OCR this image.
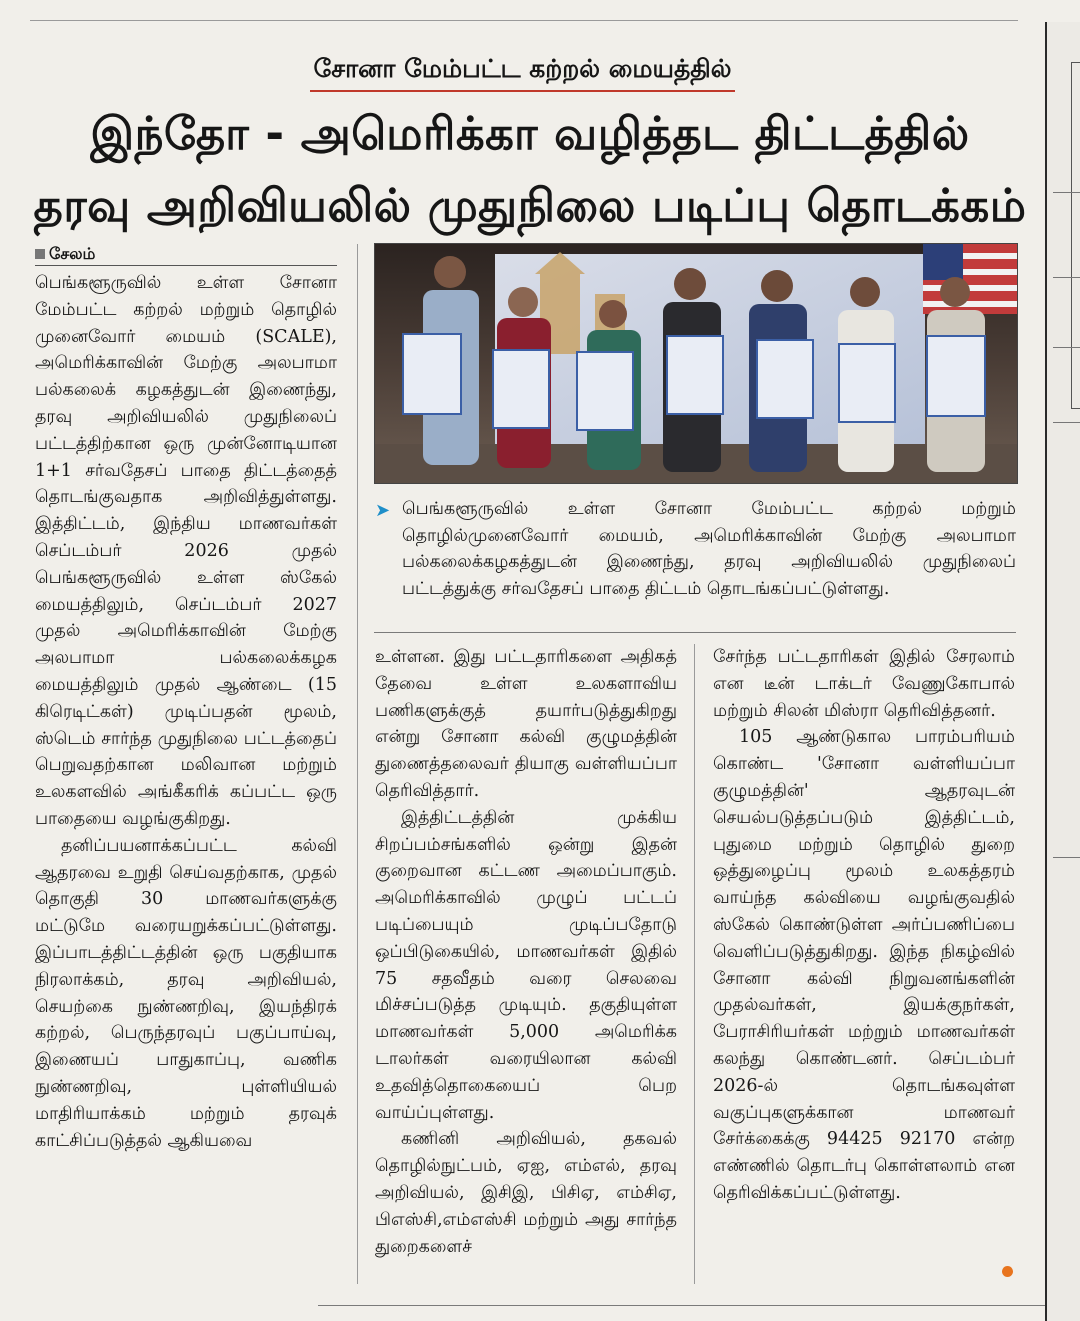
சோனா மேம்பட்ட கற்றல் மையத்தில்
இந்தோ - அமெரிக்கா வழித்தட திட்டத்தில்
தரவு அறிவியலில் முதுநிலை படிப்பு தொடக்கம்
சேலம்

பெங்களூருவில் உள்ள சோனா மேம்பட்ட கற்றல் மற்றும் தொழில் முனைவோர் மையம் (SCALE), அமெரிக்காவின் மேற்கு அலபாமா பல்கலைக் கழகத்துடன் இணைந்து, தரவு அறிவியலில் முதுநிலைப் பட்டத்திற்கான ஒரு முன்னோடியான 1+1 சர்வதேசப் பாதை திட்டத்தைத் தொடங்குவதாக அறிவித்துள்ளது. இத்திட்டம், இந்திய மாணவர்கள் செப்டம்பர் 2026 முதல் பெங்களூருவில் உள்ள ஸ்கேல் மையத்திலும், செப்டம்பர் 2027 முதல் அமெரிக்காவின் மேற்கு அலபாமா பல்கலைக்கழக மையத்திலும் முதல் ஆண்டை (15 கிரெடிட்கள்) முடிப்பதன் மூலம், ஸ்டெம் சார்ந்த முதுநிலை பட்டத்தைப் பெறுவதற்கான மலிவான மற்றும் உலகளவில் அங்கீகரிக் கப்பட்ட ஒரு பாதையை வழங்குகிறது.

தனிப்பயனாக்கப்பட்ட கல்வி ஆதரவை உறுதி செய்வதற்காக, முதல் தொகுதி 30 மாணவர்களுக்கு மட்டுமே வரையறுக்கப்பட்டுள்ளது. இப்பாடத்திட்டத்தின் ஒரு பகுதியாக நிரலாக்கம், தரவு அறிவியல், செயற்கை நுண்ணறிவு, இயந்திரக் கற்றல், பெருந்தரவுப் பகுப்பாய்வு, இணையப் பாதுகாப்பு, வணிக நுண்ணறிவு, புள்ளியியல் மாதிரியாக்கம் மற்றும் தரவுக் காட்சிப்படுத்தல் ஆகியவை

➤ பெங்களூருவில் உள்ள சோனா மேம்பட்ட கற்றல் மற்றும் தொழில்முனைவோர் மையம், அமெரிக்காவின் மேற்கு அலபாமா பல்கலைக்கழகத்துடன் இணைந்து, தரவு அறிவியலில் முதுநிலைப் பட்டத்துக்கு சர்வதேசப் பாதை திட்டம் தொடங்கப்பட்டுள்ளது.

உள்ளன. இது பட்டதாரிகளை அதிகத் தேவை உள்ள உலகளாவிய பணிகளுக்குத் தயார்படுத்துகிறது என்று சோனா கல்வி குழுமத்தின் துணைத்தலைவர் தியாகு வள்ளியப்பா தெரிவித்தார்.

இத்திட்டத்தின் முக்கிய சிறப்பம்சங்களில் ஒன்று இதன் குறைவான கட்டண அமைப்பாகும். அமெரிக்காவில் முழுப் பட்டப் படிப்பையும் முடிப்பதோடு ஒப்பிடுகையில், மாணவர்கள் இதில் 75 சதவீதம் வரை செலவை மிச்சப்படுத்த முடியும். தகுதியுள்ள மாணவர்கள் 5,000 அமெரிக்க டாலர்கள் வரையிலான கல்வி உதவித்தொகையைப் பெற வாய்ப்புள்ளது.

கணினி அறிவியல், தகவல் தொழில்நுட்பம், ஏஐ, எம்எல், தரவு அறிவியல், இசிஇ, பிசிஏ, எம்சிஏ, பிஎஸ்சி,எம்எஸ்சி மற்றும் அது சார்ந்த துறைகளைச்

சேர்ந்த பட்டதாரிகள் இதில் சேரலாம் என டீன் டாக்டர் வேணுகோபால் மற்றும் சிலன் மிஸ்ரா தெரிவித்தனர்.

105 ஆண்டுகால பாரம்பரியம் கொண்ட 'சோனா வள்ளியப்பா குழுமத்தின்' ஆதரவுடன் செயல்படுத்தப்படும் இத்திட்டம், புதுமை மற்றும் தொழில் துறை ஒத்துழைப்பு மூலம் உலகத்தரம் வாய்ந்த கல்வியை வழங்குவதில் ஸ்கேல் கொண்டுள்ள அர்ப்பணிப்பை வெளிப்படுத்துகிறது. இந்த நிகழ்வில் சோனா கல்வி நிறுவனங்களின் முதல்வர்கள், இயக்குநர்கள், பேராசிரியர்கள் மற்றும் மாணவர்கள் கலந்து கொண்டனர். செப்டம்பர் 2026-ல் தொடங்கவுள்ள வகுப்புகளுக்கான மாணவர் சேர்க்கைக்கு 94425 92170 என்ற எண்ணில் தொடர்பு கொள்ளலாம் என தெரிவிக்கப்பட்டுள்ளது.
